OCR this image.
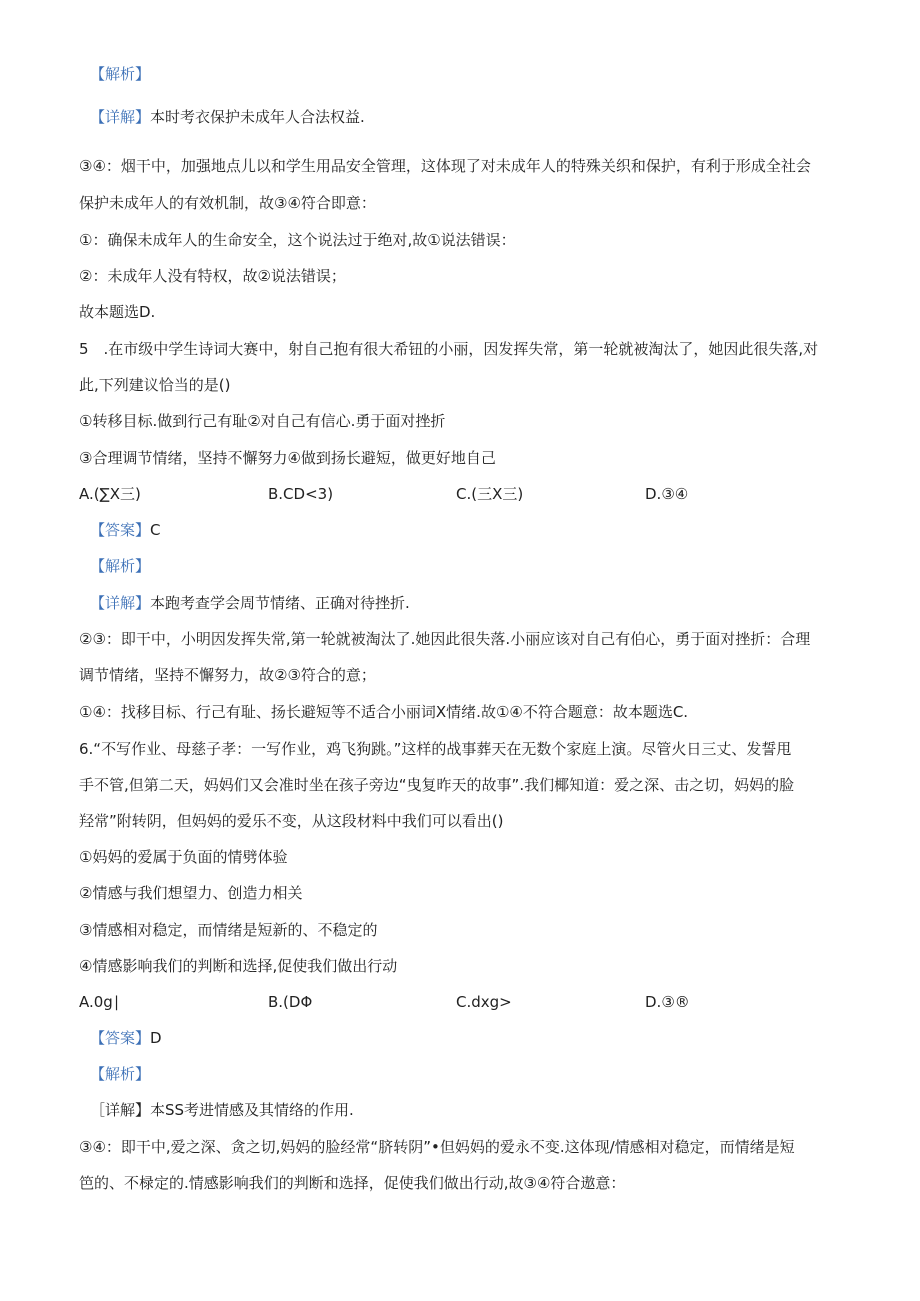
【解析】
【详解】本时考衣保护未成年人合法权益.
③④：烟干中，加强地点儿以和学生用品安全管理，这体现了对未成年人的特殊关织和保护，有利于形成全社会
保护未成年人的有效机制，故③④符合即意：
①：确保未成年人的生命安全，这个说法过于绝对,故①说法错误：
②：未成年人没有特权，故②说法错误；
故本题选D.
5　.在市级中学生诗词大赛中，射自己抱有很大希钮的小丽，因发挥失常，第一轮就被淘汰了，她因此很失落,对
此,下列建议恰当的是()
①转移目标.做到行己有耻②对自己有信心.勇于面对挫折
③合理调节情绪，坚持不懈努力④做到扬长避短，做更好地自己
A.(∑X三)	B.CD<3)	C.(三X三)	D.③④
【答案】C
【解析】
【详解】本跑考查学会周节情绪、正确对待挫折.
②③：即干中，小明因发挥失常,第一轮就被淘汰了.她因此很失落.小丽应该对自己有伯心，勇于面对挫折：合理
调节情绪，坚持不懈努力，故②③符合的意；
①④：找移目标、行己有耻、扬长避短等不适合小丽词X情绪.故①④不符合题意：故本题选C.
6.“不写作业、母慈子孝：一写作业，鸡飞狗跳。”这样的战事葬天在无数个家庭上演。尽管火日三丈、发誓甩
手不管,但第二天，妈妈们又会准时坐在孩子旁边“曳复昨天的故事”.我们椰知道：爱之深、击之切，妈妈的脸
羟常”附转阴，但妈妈的爱乐不变，从这段材料中我们可以看出()
①妈妈的爱属于负面的情劈体验
②情感与我们想望力、创造力相关
③情感相对稳定，而情绪是短新的、不稳定的
④情感影响我们的判断和选择,促使我们做出行动
A.0g∣	B.(DΦ	C.dxg>	D.③®
【答案】D
【解析】
［详解】本SS考进情感及其情络的作用.
③④：即干中,爱之深、贪之切,妈妈的脸经常“脐转阴”•但妈妈的爱永不变.这体现/情感相对稳定，而情绪是短
笆的、不椂定的.情感影响我们的判断和选择，促使我们做出行动,故③④符合遨意：
